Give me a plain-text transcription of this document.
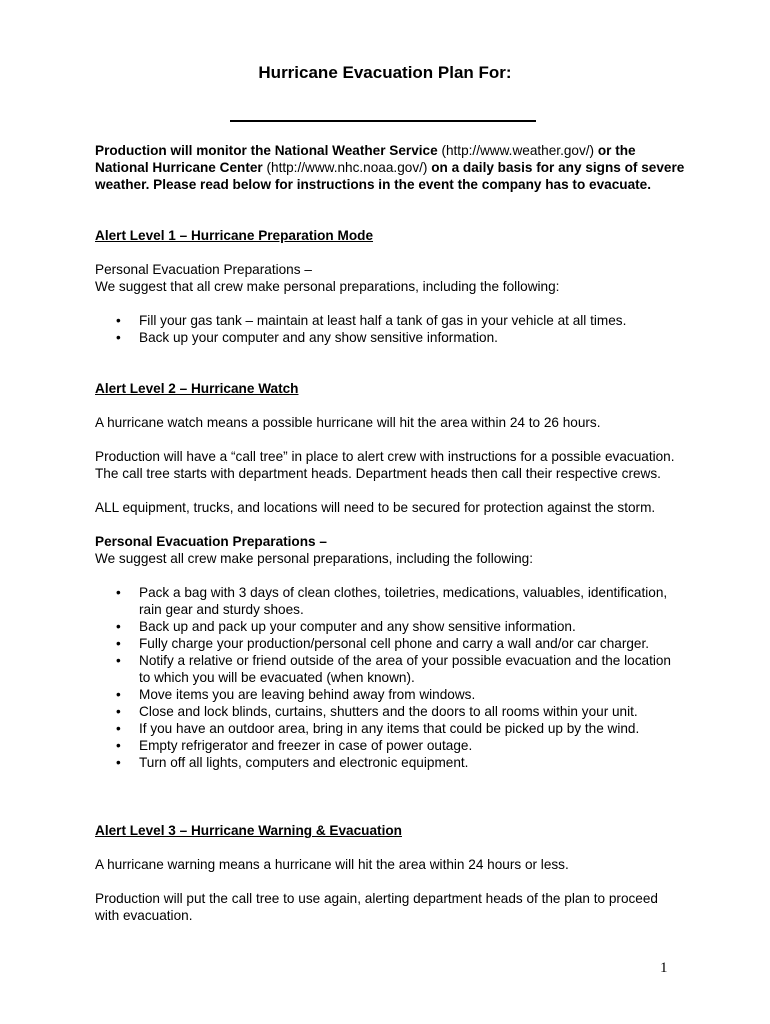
Hurricane Evacuation Plan For:

Production will monitor the National Weather Service (http://www.weather.gov/) or the National Hurricane Center (http://www.nhc.noaa.gov/) on a daily basis for any signs of severe weather. Please read below for instructions in the event the company has to evacuate.

Alert Level 1 – Hurricane Preparation Mode

Personal Evacuation Preparations –

We suggest that all crew make personal preparations, including the following:

• Fill your gas tank – maintain at least half a tank of gas in your vehicle at all times.
• Back up your computer and any show sensitive information.

Alert Level 2 – Hurricane Watch

A hurricane watch means a possible hurricane will hit the area within 24 to 26 hours.

Production will have a “call tree” in place to alert crew with instructions for a possible evacuation. The call tree starts with department heads. Department heads then call their respective crews.

ALL equipment, trucks, and locations will need to be secured for protection against the storm.

Personal Evacuation Preparations –

We suggest all crew make personal preparations, including the following:

• Pack a bag with 3 days of clean clothes, toiletries, medications, valuables, identification, rain gear and sturdy shoes.
• Back up and pack up your computer and any show sensitive information.
• Fully charge your production/personal cell phone and carry a wall and/or car charger.
• Notify a relative or friend outside of the area of your possible evacuation and the location to which you will be evacuated (when known).
• Move items you are leaving behind away from windows.
• Close and lock blinds, curtains, shutters and the doors to all rooms within your unit.
• If you have an outdoor area, bring in any items that could be picked up by the wind.
• Empty refrigerator and freezer in case of power outage.
• Turn off all lights, computers and electronic equipment.

Alert Level 3 – Hurricane Warning & Evacuation

A hurricane warning means a hurricane will hit the area within 24 hours or less.

Production will put the call tree to use again, alerting department heads of the plan to proceed with evacuation.

1
